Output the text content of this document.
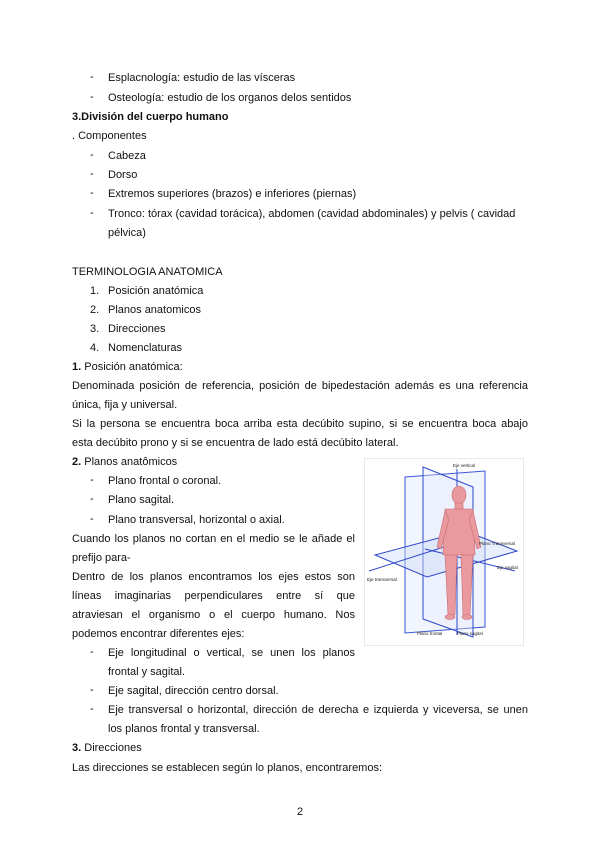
- Esplacnología: estudio de las vísceras
- Osteología: estudio de los organos delos sentidos
3.División del cuerpo humano
. Componentes
- Cabeza
- Dorso
- Extremos superiores (brazos) e inferiores (piernas)
- Tronco: tórax (cavidad torácica), abdomen (cavidad abdominales) y pelvis ( cavidad
pélvica)
TERMINOLOGIA ANATOMICA
1. Posición anatómica
2. Planos anatomicos
3. Direcciones
4. Nomenclaturas
1. Posición anatómica:
Denominada posición de referencia, posición de bipedestación además es una referencia
única, fija y universal.
Si la persona se encuentra boca arriba esta decúbito supino, si se encuentra boca abajo
esta decúbito prono y si se encuentra de lado está decúbito lateral.
2. Planos anatômicos
- Plano frontal o coronal.
- Plano sagital.
- Plano transversal, horizontal o axial.
Cuando los planos no cortan en el medio se le añade el
prefijo para-
Dentro de los planos encontramos los ejes estos son
líneas imaginarias perpendiculares entre sí que
atraviesan el organismo o el cuerpo humano. Nos
podemos encontrar diferentes ejes:
- Eje longitudinal o vertical, se unen los planos
frontal y sagital.
- Eje sagital, dirección centro dorsal.
- Eje transversal o horizontal, dirección de derecha e izquierda y viceversa, se unen
los planos frontal y transversal.
3. Direcciones
Las direcciones se establecen según lo planos, encontraremos:
Eje vertical
Plano Transversal
Eje sagital
Eje transversal
Plano frontal	Plano sagital
2
